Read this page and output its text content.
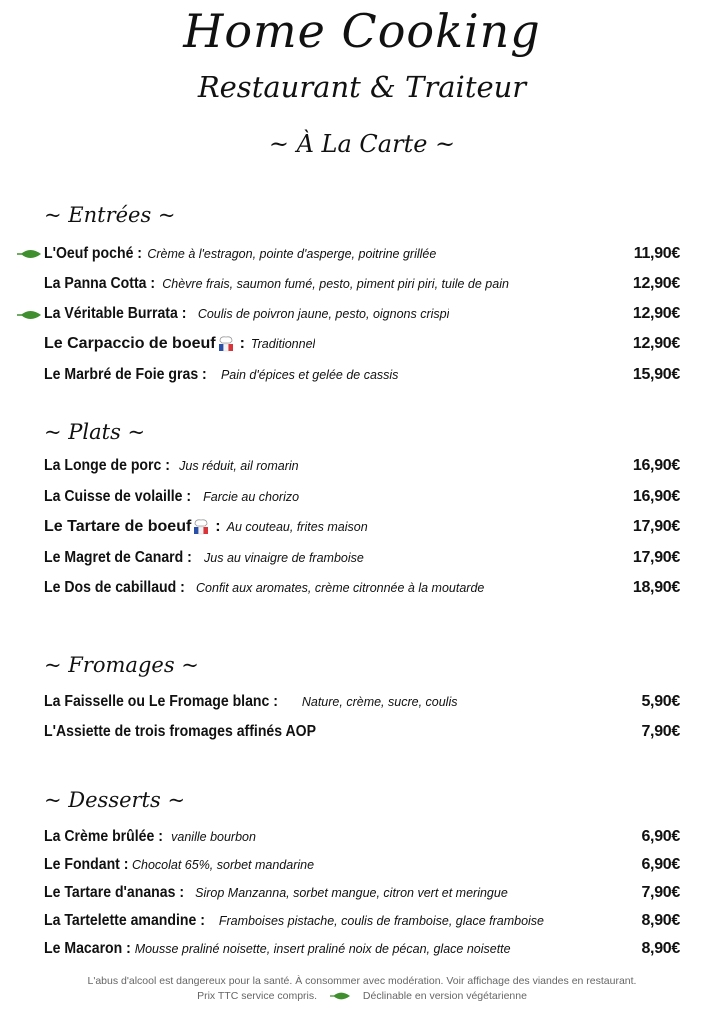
Home Cooking
Restaurant & Traiteur
~ À La Carte ~
~ Entrées ~
L'Oeuf poché : Crème à l'estragon, pointe d'asperge, poitrine grillée	11,90€
La Panna Cotta : Chèvre frais, saumon fumé, pesto, piment piri piri, tuile de pain	12,90€
La Véritable Burrata : Coulis de poivron jaune, pesto, oignons crispi	12,90€
Le Carpaccio de boeuf : Traditionnel	12,90€
Le Marbré de Foie gras : Pain d'épices et gelée de cassis	15,90€
~ Plats ~
La Longe de porc : Jus réduit, ail romarin	16,90€
La Cuisse de volaille : Farcie au chorizo	16,90€
Le Tartare de boeuf : Au couteau, frites maison	17,90€
Le Magret de Canard : Jus au vinaigre de framboise	17,90€
Le Dos de cabillaud : Confit aux aromates, crème citronnée à la moutarde	18,90€
~ Fromages ~
La Faisselle ou Le Fromage blanc : Nature, crème, sucre, coulis	5,90€
L'Assiette de trois fromages affinés AOP	7,90€
~ Desserts ~
La Crème brûlée : vanille bourbon	6,90€
Le Fondant : Chocolat 65%, sorbet mandarine	6,90€
Le Tartare d'ananas : Sirop Manzanna, sorbet mangue, citron vert et meringue	7,90€
La Tartelette amandine : Framboises pistache, coulis de framboise, glace framboise	8,90€
Le Macaron : Mousse praliné noisette, insert praliné noix de pécan, glace noisette	8,90€
L'abus d'alcool est dangereux pour la santé. À consommer avec modération. Voir affichage des viandes en restaurant.
Prix TTC service compris.	Déclinable en version végétarienne
